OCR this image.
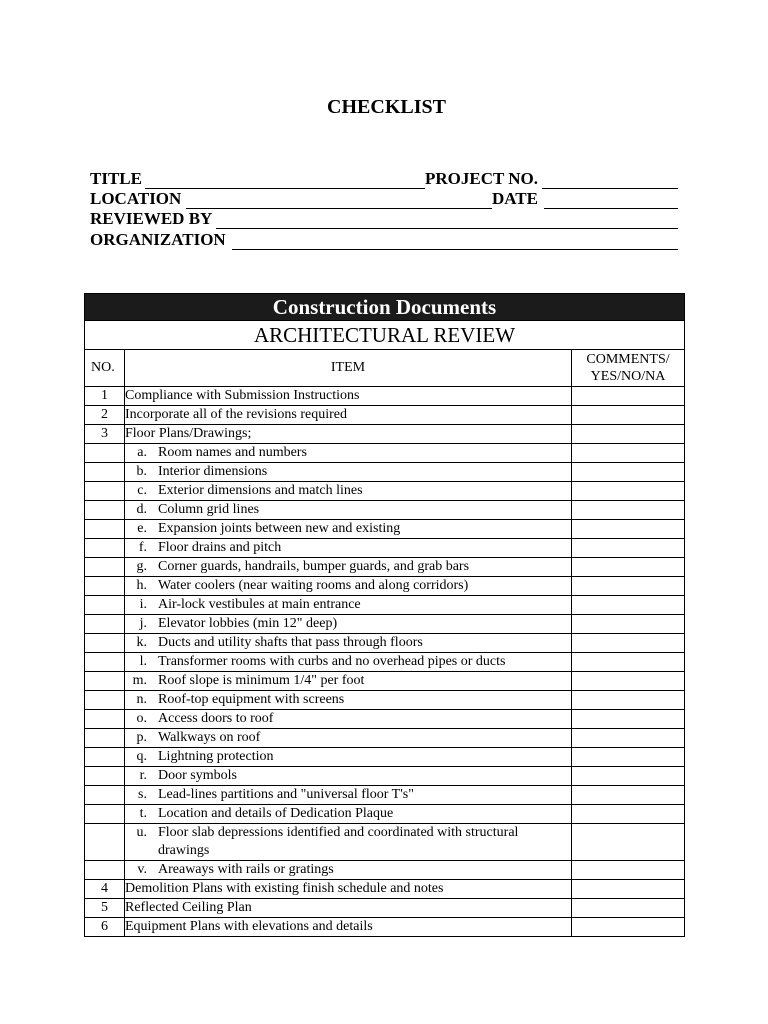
CHECKLIST
TITLE	PROJECT NO.
LOCATION	DATE
REVIEWED BY
ORGANIZATION
Construction Documents		
ARCHITECTURAL REVIEW		
NO.	ITEM	COMMENTS/
YES/NO/NA

1	Compliance with Submission Instructions	
2	Incorporate all of the revisions required	
3	Floor Plans/Drawings;	

	a. Room names and numbers	

	b. Interior dimensions	

	c. Exterior dimensions and match lines	

	d. Column grid lines	

	e. Expansion joints between new and existing	

	f. Floor drains and pitch	

	g. Corner guards, handrails, bumper guards, and grab bars	

	h. Water coolers (near waiting rooms and along corridors)	

	i. Air-lock vestibules at main entrance	

	j. Elevator lobbies (min 12" deep)	

	k. Ducts and utility shafts that pass through floors	

	l. Transformer rooms with curbs and no overhead pipes or ducts	

	m. Roof slope is minimum 1/4" per foot	

	n. Roof-top equipment with screens	

	o. Access doors to roof	

	p. Walkways on roof	

	q. Lightning protection	

	r. Door symbols	

	s. Lead-lines partitions and "universal floor T's"	

	t. Location and details of Dedication Plaque	

	u. Floor slab depressions identified and coordinated with structural drawings	

	v. Areaways with rails or gratings	

4	Demolition Plans with existing finish schedule and notes	
5	Reflected Ceiling Plan	
6	Equipment Plans with elevations and details	
